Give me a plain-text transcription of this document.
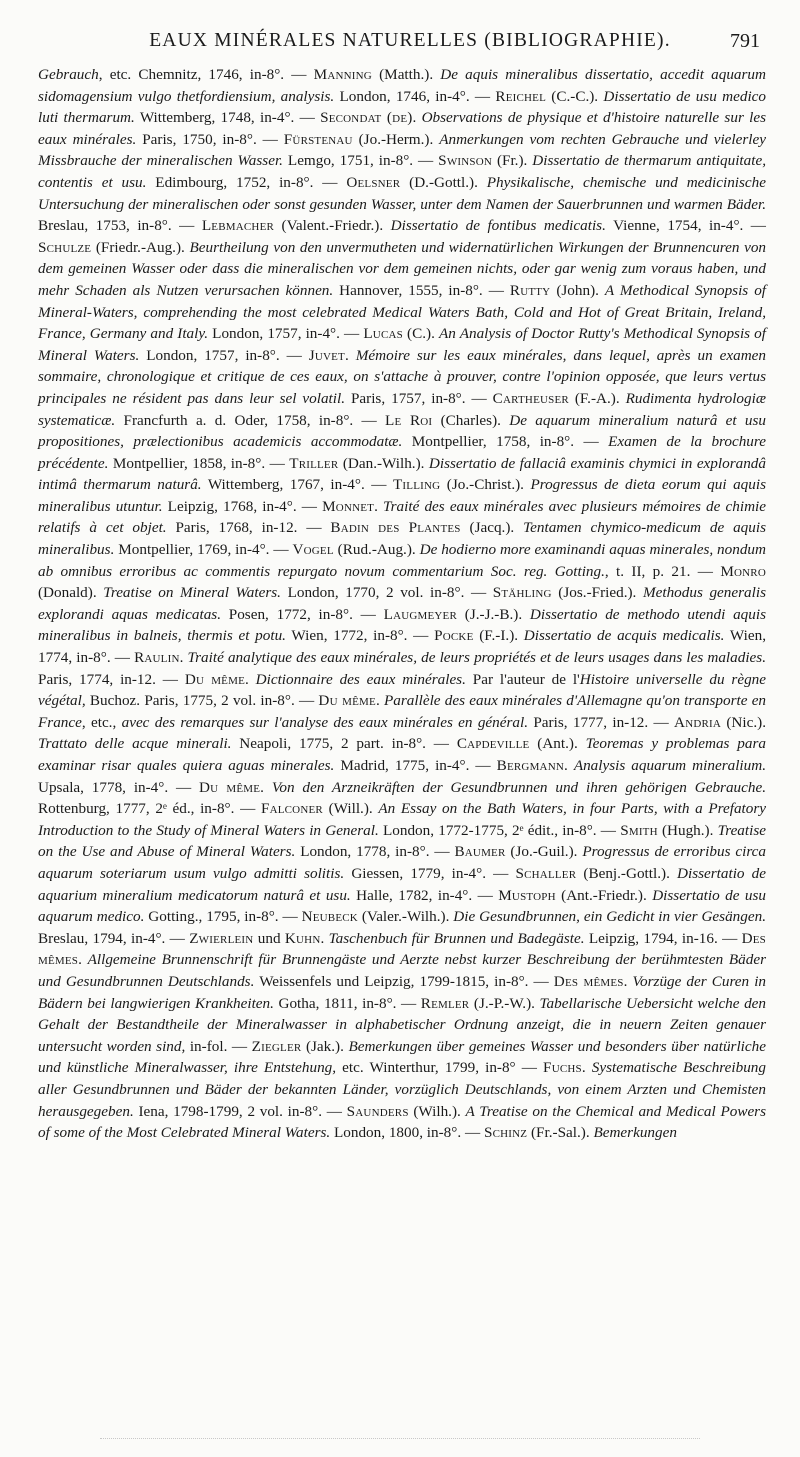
EAUX MINÉRALES NATURELLES (BIBLIOGRAPHIE).	791

Gebrauch, etc. Chemnitz, 1746, in-8°. — Manning (Matth.). De aquis mineralibus dissertatio, accedit aquarum sidomagensium vulgo thetfordiensium, analysis. London, 1746, in-4°. — Reichel (C.-C.). Dissertatio de usu medico luti thermarum. Wittemberg, 1748, in-4°. — Secondat (de). Observations de physique et d'histoire naturelle sur les eaux minérales. Paris, 1750, in-8°. — Fürstenau (Jo.-Herm.). Anmerkungen vom rechten Gebrauche und vielerley Missbrauche der mineralischen Wasser. Lemgo, 1751, in-8°. — Swinson (Fr.). Dissertatio de thermarum antiquitate, contentis et usu. Edimbourg, 1752, in-8°. — Oelsner (D.-Gottl.). Physikalische, chemische und medicinische Untersuchung der mineralischen oder sonst gesunden Wasser, unter dem Namen der Sauerbrunnen und warmen Bäder. Breslau, 1753, in-8°. — Lebmacher (Valent.-Friedr.). Dissertatio de fontibus medicatis. Vienne, 1754, in-4°. — Schulze (Friedr.-Aug.). Beurtheilung von den unvermutheten und widernatürlichen Wirkungen der Brunnencuren von dem gemeinen Wasser oder dass die mineralischen vor dem gemeinen nichts, oder gar wenig zum voraus haben, und mehr Schaden als Nutzen verursachen können. Hannover, 1555, in-8°. — Rutty (John). A Methodical Synopsis of Mineral-Waters, comprehending the most celebrated Medical Waters Bath, Cold and Hot of Great Britain, Ireland, France, Germany and Italy. London, 1757, in-4°. — Lucas (C.). An Analysis of Doctor Rutty's Methodical Synopsis of Mineral Waters. London, 1757, in-8°. — Juvet. Mémoire sur les eaux minérales, dans lequel, après un examen sommaire, chronologique et critique de ces eaux, on s'attache à prouver, contre l'opinion opposée, que leurs vertus principales ne résident pas dans leur sel volatil. Paris, 1757, in-8°. — Cartheuser (F.-A.). Rudimenta hydrologiæ systematicæ. Francfurth a. d. Oder, 1758, in-8°. — Le Roi (Charles). De aquarum mineralium naturâ et usu propositiones, prælectionibus academicis accommodatæ. Montpellier, 1758, in-8°. — Examen de la brochure précédente. Montpellier, 1858, in-8°. — Triller (Dan.-Wilh.). Dissertatio de fallaciâ examinis chymici in explorandâ intimâ thermarum naturâ. Wittemberg, 1767, in-4°. — Tilling (Jo.-Christ.). Progressus de dieta eorum qui aquis mineralibus utuntur. Leipzig, 1768, in-4°. — Monnet. Traité des eaux minérales avec plusieurs mémoires de chimie relatifs à cet objet. Paris, 1768, in-12. — Badin des Plantes (Jacq.). Tentamen chymico-medicum de aquis mineralibus. Montpellier, 1769, in-4°. — Vogel (Rud.-Aug.). De hodierno more examinandi aquas minerales, nondum ab omnibus erroribus ac commentis repurgato novum commentarium Soc. reg. Gotting., t. II, p. 21. — Monro (Donald). Treatise on Mineral Waters. London, 1770, 2 vol. in-8°. — Stähling (Jos.-Fried.). Methodus generalis explorandi aquas medicatas. Posen, 1772, in-8°. — Laugmeyer (J.-J.-B.). Dissertatio de methodo utendi aquis mineralibus in balneis, thermis et potu. Wien, 1772, in-8°. — Pocke (F.-I.). Dissertatio de acquis medicalis. Wien, 1774, in-8°. — Raulin. Traité analytique des eaux minérales, de leurs propriétés et de leurs usages dans les maladies. Paris, 1774, in-12. — Du même. Dictionnaire des eaux minérales. Par l'auteur de l'Histoire universelle du règne végétal, Buchoz. Paris, 1775, 2 vol. in-8°. — Du même. Parallèle des eaux minérales d'Allemagne qu'on transporte en France, etc., avec des remarques sur l'analyse des eaux minérales en général. Paris, 1777, in-12. — Andria (Nic.). Trattato delle acque minerali. Neapoli, 1775, 2 part. in-8°. — Capdeville (Ant.). Teoremas y problemas para examinar risar quales quiera aguas minerales. Madrid, 1775, in-4°. — Bergmann. Analysis aquarum mineralium. Upsala, 1778, in-4°. — Du même. Von den Arzneikräften der Gesundbrunnen und ihren gehörigen Gebrauche. Rottenburg, 1777, 2ᵉ éd., in-8°. — Falconer (Will.). An Essay on the Bath Waters, in four Parts, with a Prefatory Introduction to the Study of Mineral Waters in General. London, 1772-1775, 2ᵉ édit., in-8°. — Smith (Hugh.). Treatise on the Use and Abuse of Mineral Waters. London, 1778, in-8°. — Baumer (Jo.-Guil.). Progressus de erroribus circa aquarum soteriarum usum vulgo admitti solitis. Giessen, 1779, in-4°. — Schaller (Benj.-Gottl.). Dissertatio de aquarium mineralium medicatorum naturâ et usu. Halle, 1782, in-4°. — Mustoph (Ant.-Friedr.). Dissertatio de usu aquarum medico. Gotting., 1795, in-8°. — Neubeck (Valer.-Wilh.). Die Gesundbrunnen, ein Gedicht in vier Gesängen. Breslau, 1794, in-4°. — Zwierlein und Kuhn. Taschenbuch für Brunnen und Badegäste. Leipzig, 1794, in-16. — Des mêmes. Allgemeine Brunnenschrift für Brunnengäste und Aerzte nebst kurzer Beschreibung der berühmtesten Bäder und Gesundbrunnen Deutschlands. Weissenfels und Leipzig, 1799-1815, in-8°. — Des mêmes. Vorzüge der Curen in Bädern bei langwierigen Krankheiten. Gotha, 1811, in-8°. — Remler (J.-P.-W.). Tabellarische Uebersicht welche den Gehalt der Bestandtheile der Mineralwasser in alphabetischer Ordnung anzeigt, die in neuern Zeiten genauer untersucht worden sind, in-fol. — Ziegler (Jak.). Bemerkungen über gemeines Wasser und besonders über natürliche und künstliche Mineralwasser, ihre Entstehung, etc. Winterthur, 1799, in-8° — Fuchs. Systematische Beschreibung aller Gesundbrunnen und Bäder der bekannten Länder, vorzüglich Deutschlands, von einem Arzten und Chemisten herausgegeben. Iena, 1798-1799, 2 vol. in-8°. — Saunders (Wilh.). A Treatise on the Chemical and Medical Powers of some of the Most Celebrated Mineral Waters. London, 1800, in-8°. — Schinz (Fr.-Sal.). Bemerkungen
